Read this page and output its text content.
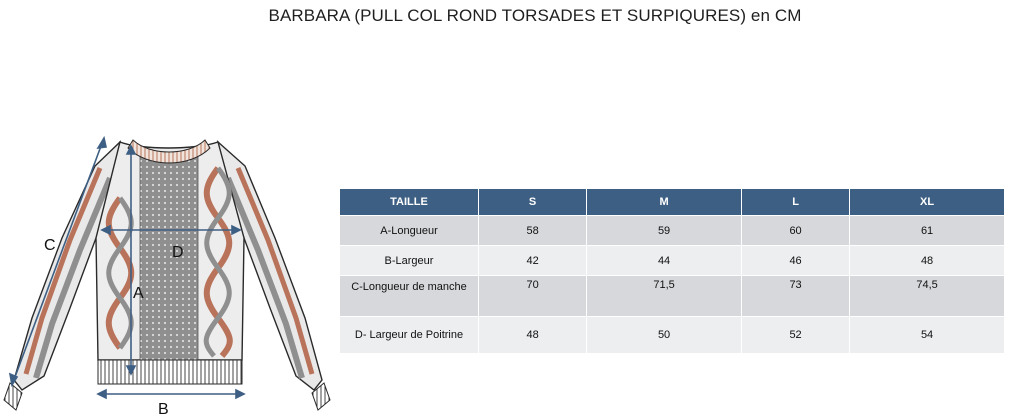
BARBARA (PULL COL ROND TORSADES ET SURPIQURES) en CM
C	D
A
B
TAILLE	S	M	L	XL
A-Longueur	58	59	60	61
B-Largeur	42	44	46	48
C-Longueur de manche	70	71,5	73	74,5
D- Largeur de Poitrine	48	50	52	54
